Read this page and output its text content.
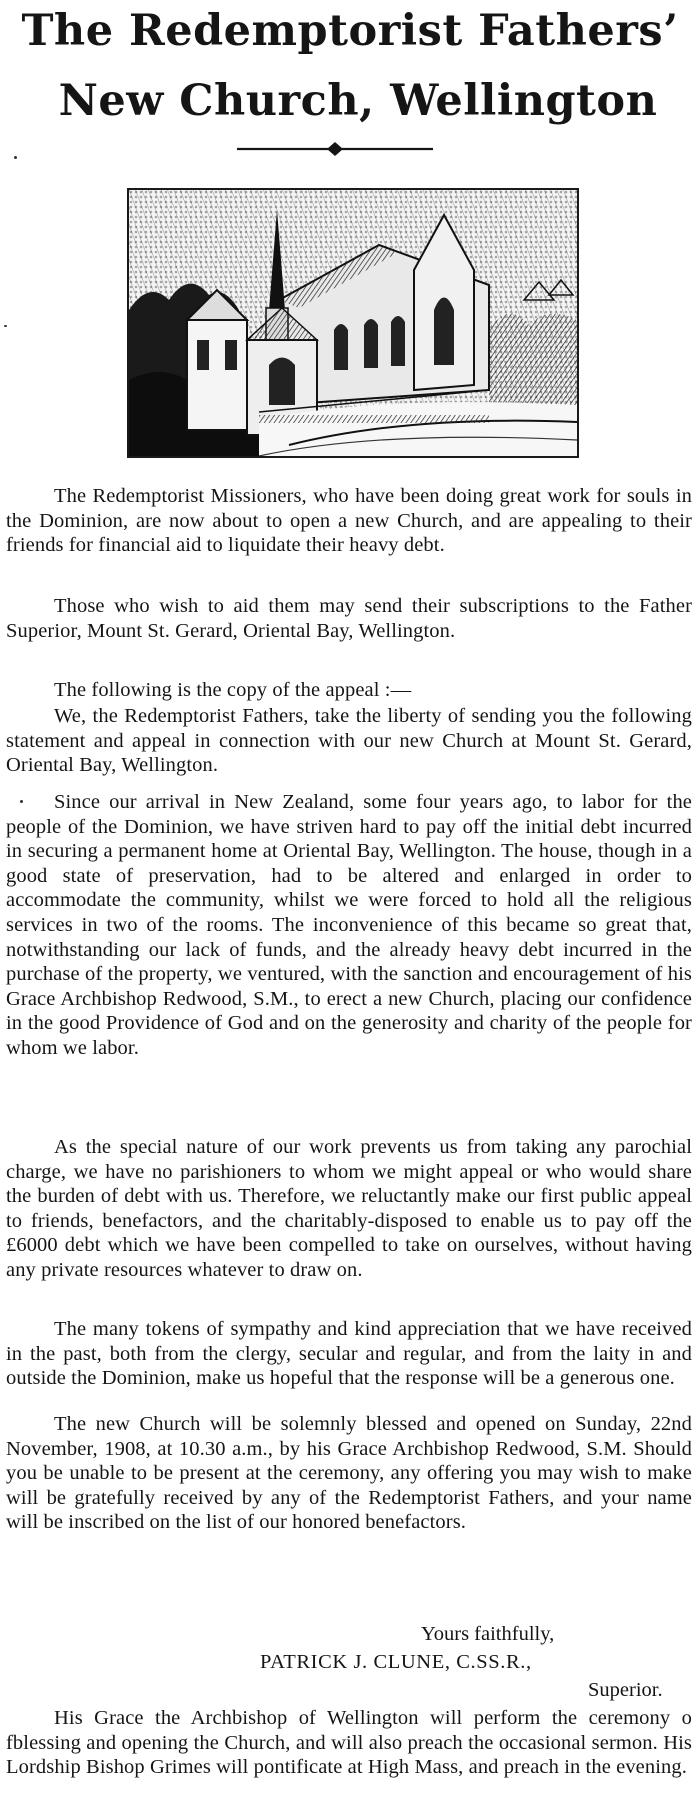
The Redemptorist Fathers’
New Church, Wellington

The Redemptorist Missioners, who have been doing great work for souls in the Dominion, are now about to open a new Church, and are appealing to their friends for financial aid to liquidate their heavy debt.

Those who wish to aid them may send their subscriptions to the Father Superior, Mount St. Gerard, Oriental Bay, Wellington.

The following is the copy of the appeal :—

We, the Redemptorist Fathers, take the liberty of sending you the following statement and appeal in connection with our new Church at Mount St. Gerard, Oriental Bay, Wellington.

Since our arrival in New Zealand, some four years ago, to labor for the people of the Dominion, we have striven hard to pay off the initial debt incurred in securing a permanent home at Oriental Bay, Wellington. The house, though in a good state of preservation, had to be altered and enlarged in order to accommodate the community, whilst we were forced to hold all the religious services in two of the rooms. The inconvenience of this became so great that, notwithstanding our lack of funds, and the already heavy debt incurred in the purchase of the property, we ventured, with the sanction and encouragement of his Grace Archbishop Redwood, S.M., to erect a new Church, placing our confidence in the good Providence of God and on the generosity and charity of the people for whom we labor.

As the special nature of our work prevents us from taking any parochial charge, we have no parishioners to whom we might appeal or who would share the burden of debt with us. Therefore, we reluctantly make our first public appeal to friends, benefactors, and the charitably-disposed to enable us to pay off the £6000 debt which we have been compelled to take on ourselves, without having any private resources whatever to draw on.

The many tokens of sympathy and kind appreciation that we have received in the past, both from the clergy, secular and regular, and from the laity in and outside the Dominion, make us hopeful that the response will be a generous one.

The new Church will be solemnly blessed and opened on Sunday, 22nd November, 1908, at 10.30 a.m., by his Grace Archbishop Redwood, S.M. Should you be unable to be present at the ceremony, any offering you may wish to make will be gratefully received by any of the Redemptorist Fathers, and your name will be inscribed on the list of our honored benefactors.

Yours faithfully,
PATRICK J. CLUNE, C.SS.R.,
Superior.

His Grace the Archbishop of Wellington will perform the ceremony o fblessing and opening the Church, and will also preach the occasional sermon. His Lordship Bishop Grimes will pontificate at High Mass, and preach in the evening.
